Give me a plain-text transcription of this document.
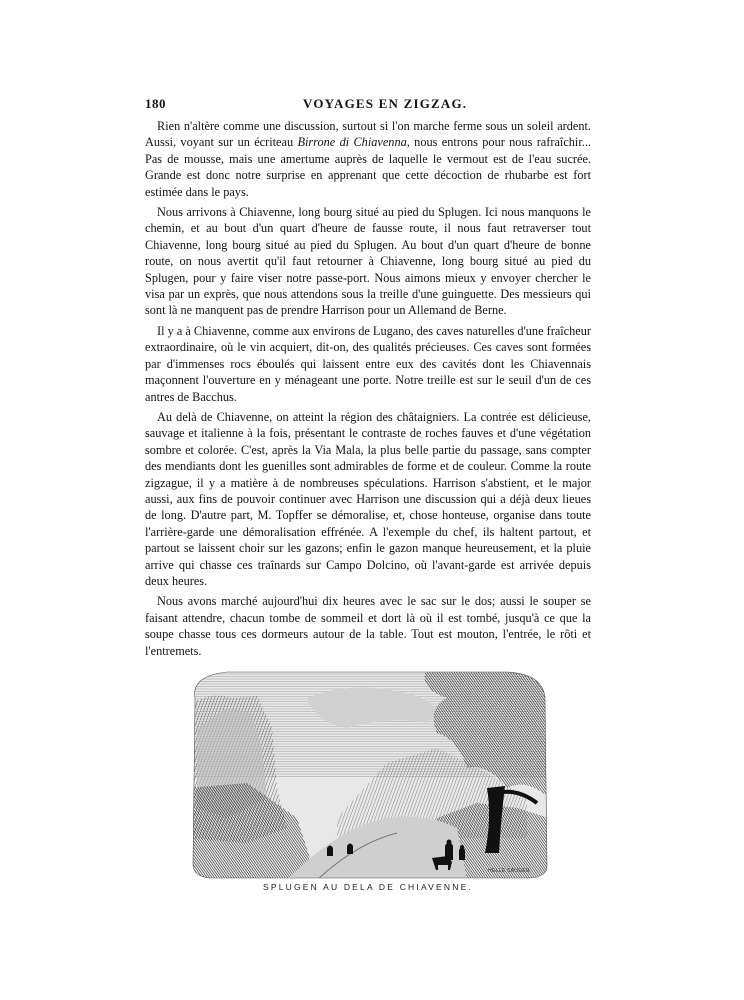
180	VOYAGES EN ZIGZAG.

Rien n'altère comme une discussion, surtout si l'on marche ferme sous un soleil ardent. Aussi, voyant sur un écriteau Birrone di Chiavenna, nous entrons pour nous rafraîchir... Pas de mousse, mais une amertume auprès de laquelle le vermout est de l'eau sucrée. Grande est donc notre surprise en apprenant que cette décoction de rhubarbe est fort estimée dans le pays.

Nous arrivons à Chiavenne, long bourg situé au pied du Splugen. Ici nous manquons le chemin, et au bout d'un quart d'heure de fausse route, il nous faut retraverser tout Chiavenne, long bourg situé au pied du Splugen. Au bout d'un quart d'heure de bonne route, on nous avertit qu'il faut retourner à Chiavenne, long bourg situé au pied du Splugen, pour y faire viser notre passe-port. Nous aimons mieux y envoyer chercher le visa par un exprès, que nous attendons sous la treille d'une guinguette. Des messieurs qui sont là ne manquent pas de prendre Harrison pour un Allemand de Berne.

Il y a à Chiavenne, comme aux environs de Lugano, des caves naturelles d'une fraîcheur extraordinaire, où le vin acquiert, dit-on, des qualités précieuses. Ces caves sont formées par d'immenses rocs éboulés qui laissent entre eux des cavités dont les Chiavennais maçonnent l'ouverture en y ménageant une porte. Notre treille est sur le seuil d'un de ces antres de Bacchus.

Au delà de Chiavenne, on atteint la région des châtaigniers. La contrée est délicieuse, sauvage et italienne à la fois, présentant le contraste de roches fauves et d'une végétation sombre et colorée. C'est, après la Via Mala, la plus belle partie du passage, sans compter des mendiants dont les guenilles sont admirables de forme et de couleur. Comme la route zigzague, il y a matière à de nombreuses spéculations. Harrison s'abstient, et le major aussi, aux fins de pouvoir continuer avec Harrison une discussion qui a déjà deux lieues de long. D'autre part, M. Topffer se démoralise, et, chose honteuse, organise dans toute l'arrière-garde une démoralisation effrénée. A l'exemple du chef, ils haltent partout, et partout se laissent choir sur les gazons; enfin le gazon manque heureusement, et la pluie arrive qui chasse ces traînards sur Campo Dolcino, où l'avant-garde est arrivée depuis deux heures.

Nous avons marché aujourd'hui dix heures avec le sac sur le dos; aussi le souper se faisant attendre, chacun tombe de sommeil et dort là où il est tombé, jusqu'à ce que la soupe chasse tous ces dormeurs autour de la table. Tout est mouton, l'entrée, le rôti et l'entremets.

HELLE SAUGER
SPLUGEN AU DELA DE CHIAVENNE.
